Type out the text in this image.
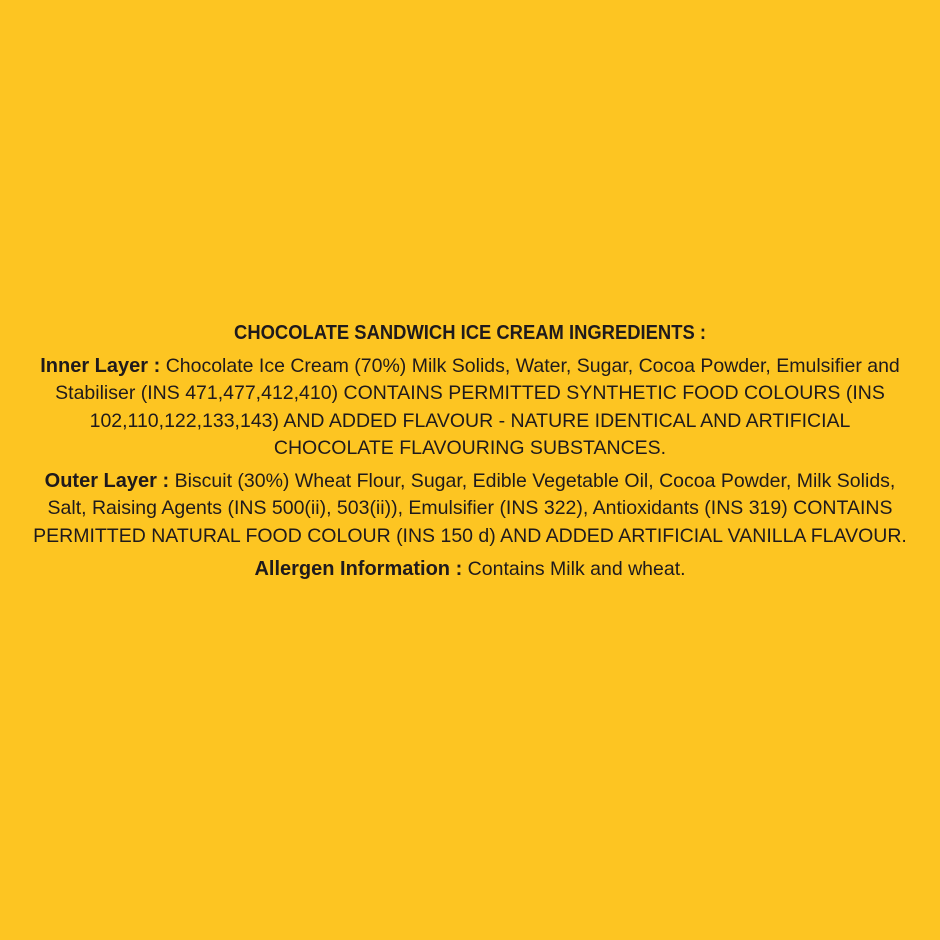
CHOCOLATE SANDWICH ICE CREAM INGREDIENTS :

Inner Layer : Chocolate Ice Cream (70%) Milk Solids, Water, Sugar, Cocoa Powder, Emulsifier and Stabiliser (INS 471,477,412,410) CONTAINS PERMITTED SYNTHETIC FOOD COLOURS (INS 102,110,122,133,143) AND ADDED FLAVOUR - NATURE IDENTICAL AND ARTIFICIAL CHOCOLATE FLAVOURING SUBSTANCES.

Outer Layer : Biscuit (30%) Wheat Flour, Sugar, Edible Vegetable Oil, Cocoa Powder, Milk Solids, Salt, Raising Agents (INS 500(ii), 503(ii)), Emulsifier (INS 322), Antioxidants (INS 319) CONTAINS PERMITTED NATURAL FOOD COLOUR (INS 150 d) AND ADDED ARTIFICIAL VANILLA FLAVOUR.

Allergen Information : Contains Milk and wheat.
